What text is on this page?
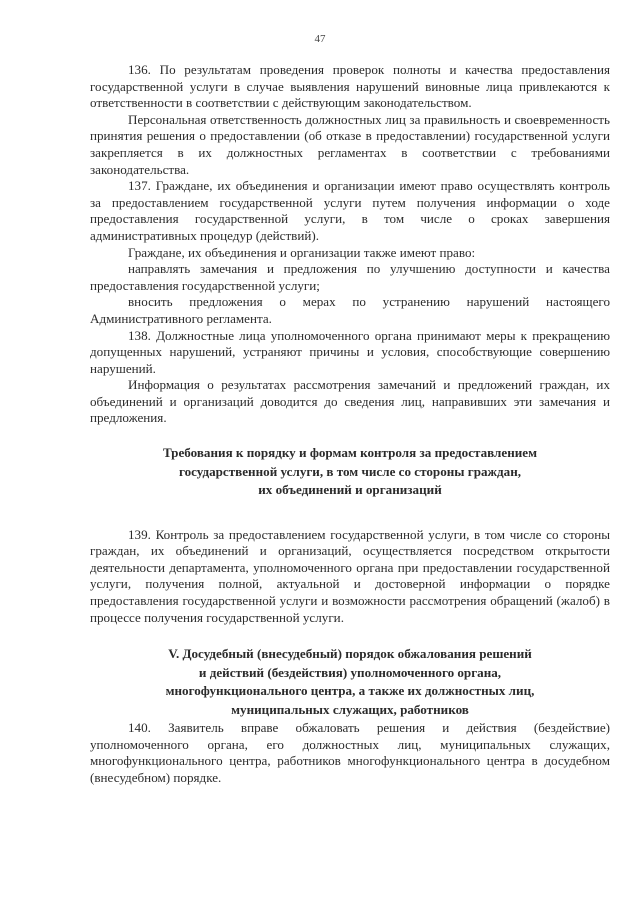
47

136. По результатам проведения проверок полноты и качества предоставления государственной услуги в случае выявления нарушений виновные лица привлекаются к ответственности в соответствии с действующим законодательством.

Персональная ответственность должностных лиц за правильность и своевременность принятия решения о предоставлении (об отказе в предоставлении) государственной услуги закрепляется в их должностных регламентах в соответствии с требованиями законодательства.

137. Граждане, их объединения и организации имеют право осуществлять контроль за предоставлением государственной услуги путем получения информации о ходе предоставления государственной услуги, в том числе о сроках завершения административных процедур (действий).

Граждане, их объединения и организации также имеют право:

направлять замечания и предложения по улучшению доступности и качества предоставления государственной услуги;

вносить предложения о мерах по устранению нарушений настоящего Административного регламента.

138. Должностные лица уполномоченного органа принимают меры к прекращению допущенных нарушений, устраняют причины и условия, способствующие совершению нарушений.

Информация о результатах рассмотрения замечаний и предложений граждан, их объединений и организаций доводится до сведения лиц, направивших эти замечания и предложения.

Требования к порядку и формам контроля за предоставлением
государственной услуги, в том числе со стороны граждан,
их объединений и организаций

139. Контроль за предоставлением государственной услуги, в том числе со стороны граждан, их объединений и организаций, осуществляется посредством открытости деятельности департамента, уполномоченного органа при предоставлении государственной услуги, получения полной, актуальной и достоверной информации о порядке предоставления государственной услуги и возможности рассмотрения обращений (жалоб) в процессе получения государственной услуги.

V. Досудебный (внесудебный) порядок обжалования решений
и действий (бездействия) уполномоченного органа,
многофункционального центра, а также их должностных лиц,
муниципальных служащих, работников

140. Заявитель вправе обжаловать решения и действия (бездействие) уполномоченного органа, его должностных лиц, муниципальных служащих, многофункционального центра, работников многофункционального центра в досудебном (внесудебном) порядке.
